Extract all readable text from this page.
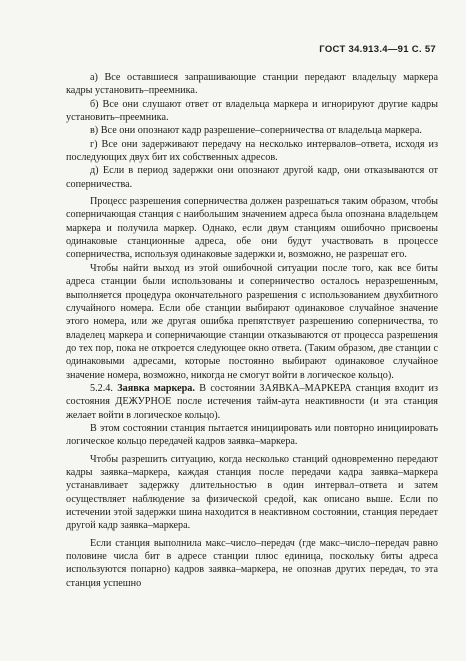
ГОСТ 34.913.4—91 С. 57

а) Все оставшиеся запрашивающие станции передают владельцу маркера кадры установить–преемника.

б) Все они слушают ответ от владельца маркера и игнорируют другие кадры установить–преемника.

в) Все они опознают кадр разрешение–соперничества от владельца маркера.

г) Все они задерживают передачу на несколько интервалов–ответа, исходя из последующих двух бит их собственных адресов.

д) Если в период задержки они опознают другой кадр, они отказываются от соперничества.

Процесс разрешения соперничества должен разрешаться таким образом, чтобы соперничающая станция с наибольшим значением адреса была опознана владельцем маркера и получила маркер. Однако, если двум станциям ошибочно присвоены одинаковые станционные адреса, обе они будут участвовать в процессе соперничества, используя одинаковые задержки и, возможно, не разрешат его.

Чтобы найти выход из этой ошибочной ситуации после того, как все биты адреса станции были использованы и соперничество осталось неразрешенным, выполняется процедура окончательного разрешения с использованием двухбитного случайного номера. Если обе станции выбирают одинаковое случайное значение этого номера, или же другая ошибка препятствует разрешению соперничества, то владелец маркера и соперничающие станции отказываются от процесса разрешения до тех пор, пока не откроется следующее окно ответа. (Таким образом, две станции с одинаковыми адресами, которые постоянно выбирают одинаковое случайное значение номера, возможно, никогда не смогут войти в логическое кольцо).

5.2.4. Заявка маркера. В состоянии ЗАЯВКА–МАРКЕРА станция входит из состояния ДЕЖУРНОЕ после истечения тайм-аута неактивности (и эта станция желает войти в логическое кольцо).

В этом состоянии станция пытается инициировать или повторно инициировать логическое кольцо передачей кадров заявка–маркера.

Чтобы разрешить ситуацию, когда несколько станций одновременно передают кадры заявка–маркера, каждая станция после передачи кадра заявка–маркера устанавливает задержку длительностью в один интервал–ответа и затем осуществляет наблюдение за физической средой, как описано выше. Если по истечении этой задержки шина находится в неактивном состоянии, станция передает другой кадр заявка–маркера.

Если станция выполнила макс–число–передач (где макс–число–передач равно половине числа бит в адресе станции плюс единица, поскольку биты адреса используются попарно) кадров заявка–маркера, не опознав других передач, то эта станция успешно
